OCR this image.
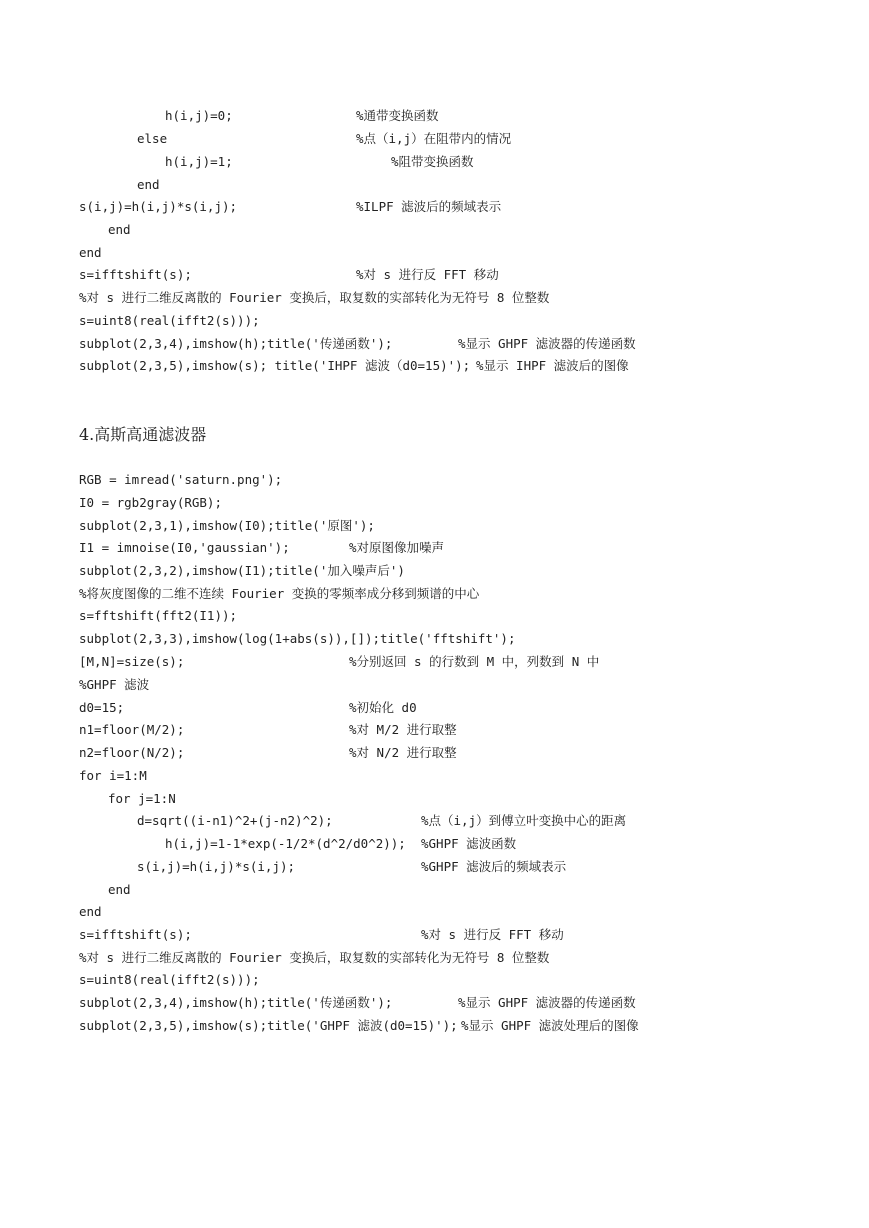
h(i,j)=0;	%通带变换函数
else	%点（i,j）在阻带内的情况
h(i,j)=1;	%阻带变换函数
end
s(i,j)=h(i,j)*s(i,j);	%ILPF 滤波后的频域表示
end
end
s=ifftshift(s);	%对 s 进行反 FFT 移动
%对 s 进行二维反离散的 Fourier 变换后，取复数的实部转化为无符号 8 位整数
s=uint8(real(ifft2(s)));
subplot(2,3,4),imshow(h);title('传递函数');	%显示 GHPF 滤波器的传递函数
subplot(2,3,5),imshow(s); title('IHPF 滤波（d0=15)'); %显示 IHPF 滤波后的图像
4.高斯高通滤波器
RGB = imread('saturn.png');
I0 = rgb2gray(RGB);
subplot(2,3,1),imshow(I0);title('原图');
I1 = imnoise(I0,'gaussian');	%对原图像加噪声
subplot(2,3,2),imshow(I1);title('加入噪声后')
%将灰度图像的二维不连续 Fourier 变换的零频率成分移到频谱的中心
s=fftshift(fft2(I1));
subplot(2,3,3),imshow(log(1+abs(s)),[]);title('fftshift');
[M,N]=size(s);	%分别返回 s 的行数到 M 中，列数到 N 中
%GHPF 滤波
d0=15;	%初始化 d0
n1=floor(M/2);	%对 M/2 进行取整
n2=floor(N/2);	%对 N/2 进行取整
for i=1:M
for j=1:N
d=sqrt((i-n1)^2+(j-n2)^2);	%点（i,j）到傅立叶变换中心的距离
h(i,j)=1-1*exp(-1/2*(d^2/d0^2)); %GHPF 滤波函数
s(i,j)=h(i,j)*s(i,j);	%GHPF 滤波后的频域表示
end
end
s=ifftshift(s);	%对 s 进行反 FFT 移动
%对 s 进行二维反离散的 Fourier 变换后，取复数的实部转化为无符号 8 位整数
s=uint8(real(ifft2(s)));
subplot(2,3,4),imshow(h);title('传递函数');	%显示 GHPF 滤波器的传递函数
subplot(2,3,5),imshow(s);title('GHPF 滤波(d0=15)'); %显示 GHPF 滤波处理后的图像
